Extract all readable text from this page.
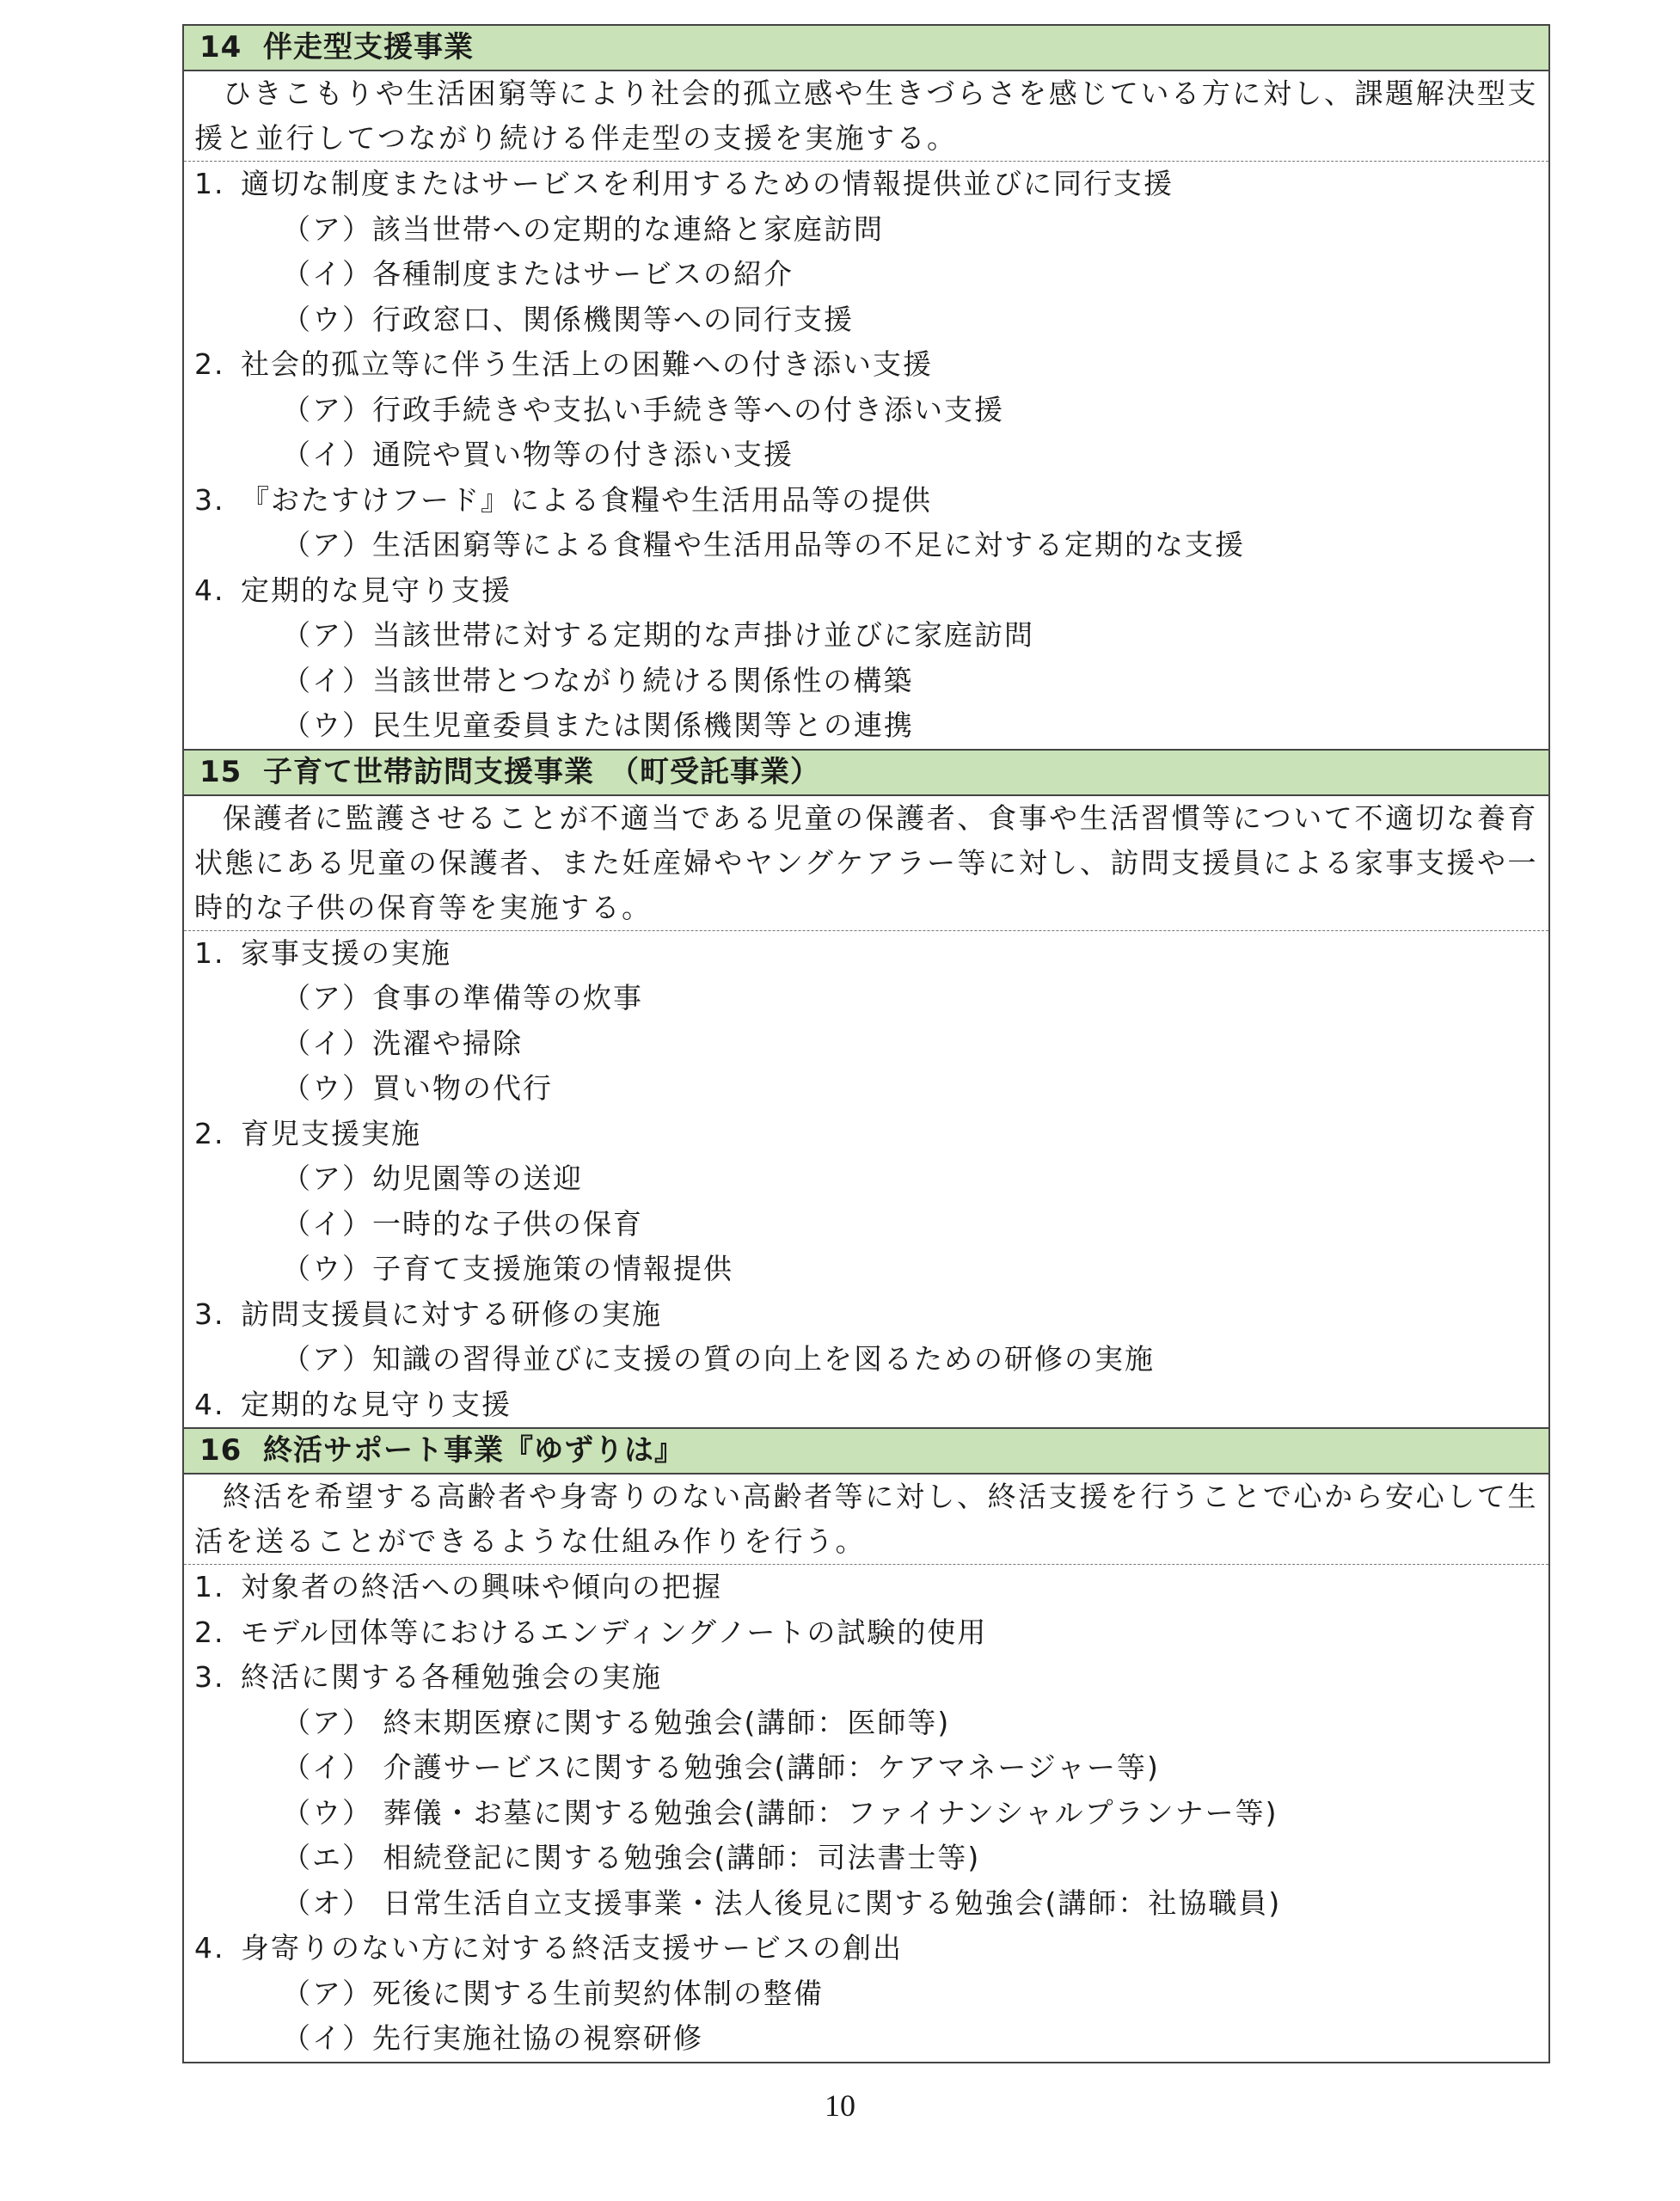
14 伴走型支援事業

ひきこもりや生活困窮等により社会的孤立感や生きづらさを感じている方に対し、課題解決型支援と並行してつながり続ける伴走型の支援を実施する。

1. 適切な制度またはサービスを利用するための情報提供並びに同行支援
（ア）該当世帯への定期的な連絡と家庭訪問
（イ）各種制度またはサービスの紹介
（ウ）行政窓口、関係機関等への同行支援
2. 社会的孤立等に伴う生活上の困難への付き添い支援
（ア）行政手続きや支払い手続き等への付き添い支援
（イ）通院や買い物等の付き添い支援
3. 『おたすけフード』による食糧や生活用品等の提供
（ア）生活困窮等による食糧や生活用品等の不足に対する定期的な支援
4. 定期的な見守り支援
（ア）当該世帯に対する定期的な声掛け並びに家庭訪問
（イ）当該世帯とつながり続ける関係性の構築
（ウ）民生児童委員または関係機関等との連携
15 子育て世帯訪問支援事業　（町受託事業）

保護者に監護させることが不適当である児童の保護者、食事や生活習慣等について不適切な養育状態にある児童の保護者、また妊産婦やヤングケアラー等に対し、訪問支援員による家事支援や一時的な子供の保育等を実施する。

1. 家事支援の実施
（ア）食事の準備等の炊事
（イ）洗濯や掃除
（ウ）買い物の代行
2. 育児支援実施
（ア）幼児園等の送迎
（イ）一時的な子供の保育
（ウ）子育て支援施策の情報提供
3. 訪問支援員に対する研修の実施
（ア）知識の習得並びに支援の質の向上を図るための研修の実施
4. 定期的な見守り支援
16 終活サポート事業『ゆずりは』

終活を希望する高齢者や身寄りのない高齢者等に対し、終活支援を行うことで心から安心して生活を送ることができるような仕組み作りを行う。

1. 対象者の終活への興味や傾向の把握
2. モデル団体等におけるエンディングノートの試験的使用
3. 終活に関する各種勉強会の実施
（ア） 終末期医療に関する勉強会(講師：医師等)
（イ） 介護サービスに関する勉強会(講師：ケアマネージャー等)
（ウ） 葬儀・お墓に関する勉強会(講師：ファイナンシャルプランナー等)
（エ） 相続登記に関する勉強会(講師：司法書士等)
（オ） 日常生活自立支援事業・法人後見に関する勉強会(講師：社協職員)
4. 身寄りのない方に対する終活支援サービスの創出
（ア）死後に関する生前契約体制の整備
（イ）先行実施社協の視察研修
10
